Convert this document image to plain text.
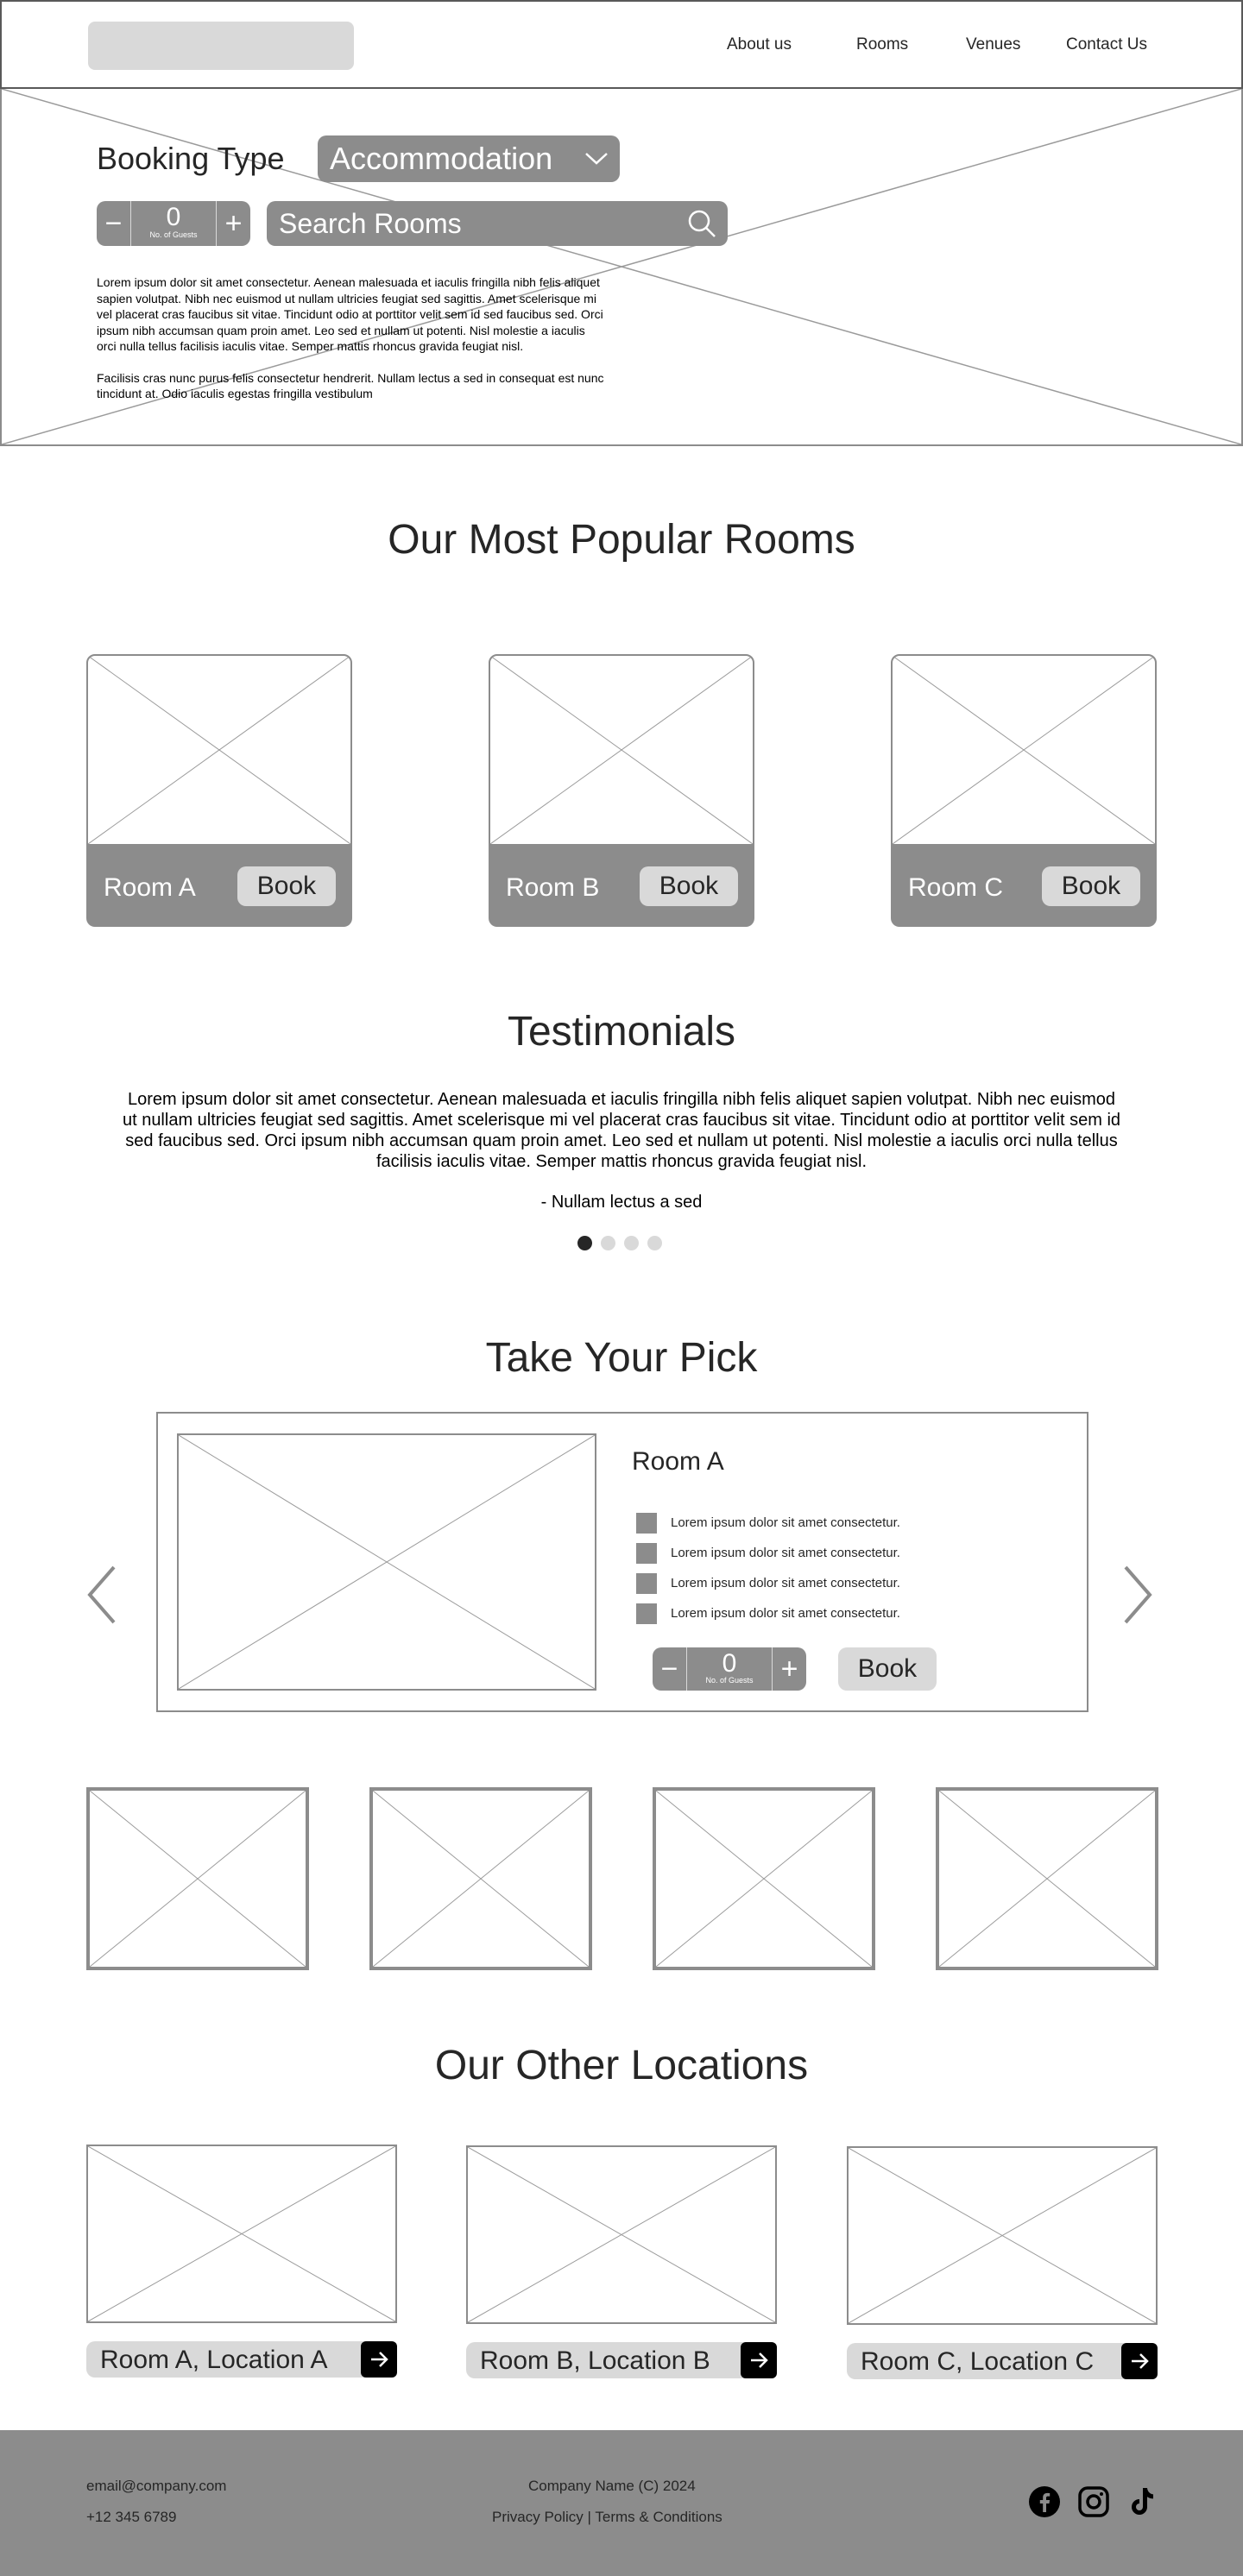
About us	Rooms	Venues	Contact Us
Booking Type	Accommodation
−	0
No. of Guests +	Search Rooms

Lorem ipsum dolor sit amet consectetur. Aenean malesuada et iaculis fringilla nibh felis aliquet sapien volutpat. Nibh nec euismod ut nullam ultricies feugiat sed sagittis. Amet scelerisque mi vel placerat cras faucibus sit vitae. Tincidunt odio at porttitor velit sem id sed faucibus sed. Orci ipsum nibh accumsan quam proin amet. Leo sed et nullam ut potenti. Nisl molestie a iaculis orci nulla tellus facilisis iaculis vitae. Semper mattis rhoncus gravida feugiat nisl.

Facilisis cras nunc purus felis consectetur hendrerit. Nullam lectus a sed in consequat est nunc tincidunt at. Odio iaculis egestas fringilla vestibulum

Our Most Popular Rooms
Room A	Book	Room B	Book	Room C	Book
Testimonials
Lorem ipsum dolor sit amet consectetur. Aenean malesuada et iaculis fringilla nibh felis aliquet sapien volutpat. Nibh nec euismod ut nullam ultricies feugiat sed sagittis. Amet scelerisque mi vel placerat cras faucibus sit vitae. Tincidunt odio at porttitor velit sem id sed faucibus sed. Orci ipsum nibh accumsan quam proin amet. Leo sed et nullam ut potenti. Nisl molestie a iaculis orci nulla tellus facilisis iaculis vitae. Semper mattis rhoncus gravida feugiat nisl.
- Nullam lectus a sed
Take Your Pick
Room A
Lorem ipsum dolor sit amet consectetur.
Lorem ipsum dolor sit amet consectetur.
Lorem ipsum dolor sit amet consectetur.
Lorem ipsum dolor sit amet consectetur.
−	0
No. of Guests +	Book
Our Other Locations
Room A, Location A	Room B, Location B	Room C, Location C
email@company.com
+12 345 6789
Company Name (C) 2024
Privacy Policy | Terms & Conditions
